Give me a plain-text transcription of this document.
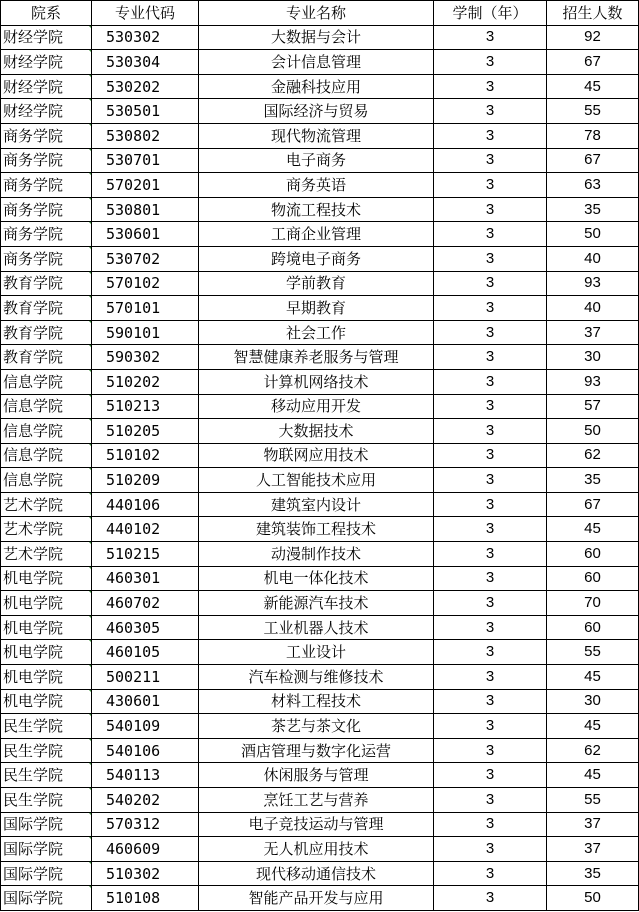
院系	专业代码	专业名称	学制（年）	招生人数
财经学院	530302	大数据与会计	3	92
财经学院	530304	会计信息管理	3	67
财经学院	530202	金融科技应用	3	45
财经学院	530501	国际经济与贸易	3	55
商务学院	530802	现代物流管理	3	78
商务学院	530701	电子商务	3	67
商务学院	570201	商务英语	3	63
商务学院	530801	物流工程技术	3	35
商务学院	530601	工商企业管理	3	50
商务学院	530702	跨境电子商务	3	40
教育学院	570102	学前教育	3	93
教育学院	570101	早期教育	3	40
教育学院	590101	社会工作	3	37
教育学院	590302	智慧健康养老服务与管理	3	30
信息学院	510202	计算机网络技术	3	93
信息学院	510213	移动应用开发	3	57
信息学院	510205	大数据技术	3	50
信息学院	510102	物联网应用技术	3	62
信息学院	510209	人工智能技术应用	3	35
艺术学院	440106	建筑室内设计	3	67
艺术学院	440102	建筑装饰工程技术	3	45
艺术学院	510215	动漫制作技术	3	60
机电学院	460301	机电一体化技术	3	60
机电学院	460702	新能源汽车技术	3	70
机电学院	460305	工业机器人技术	3	60
机电学院	460105	工业设计	3	55
机电学院	500211	汽车检测与维修技术	3	45
机电学院	430601	材料工程技术	3	30
民生学院	540109	茶艺与茶文化	3	45
民生学院	540106	酒店管理与数字化运营	3	62
民生学院	540113	休闲服务与管理	3	45
民生学院	540202	烹饪工艺与营养	3	55
国际学院	570312	电子竞技运动与管理	3	37
国际学院	460609	无人机应用技术	3	37
国际学院	510302	现代移动通信技术	3	35
国际学院	510108	智能产品开发与应用	3	50
